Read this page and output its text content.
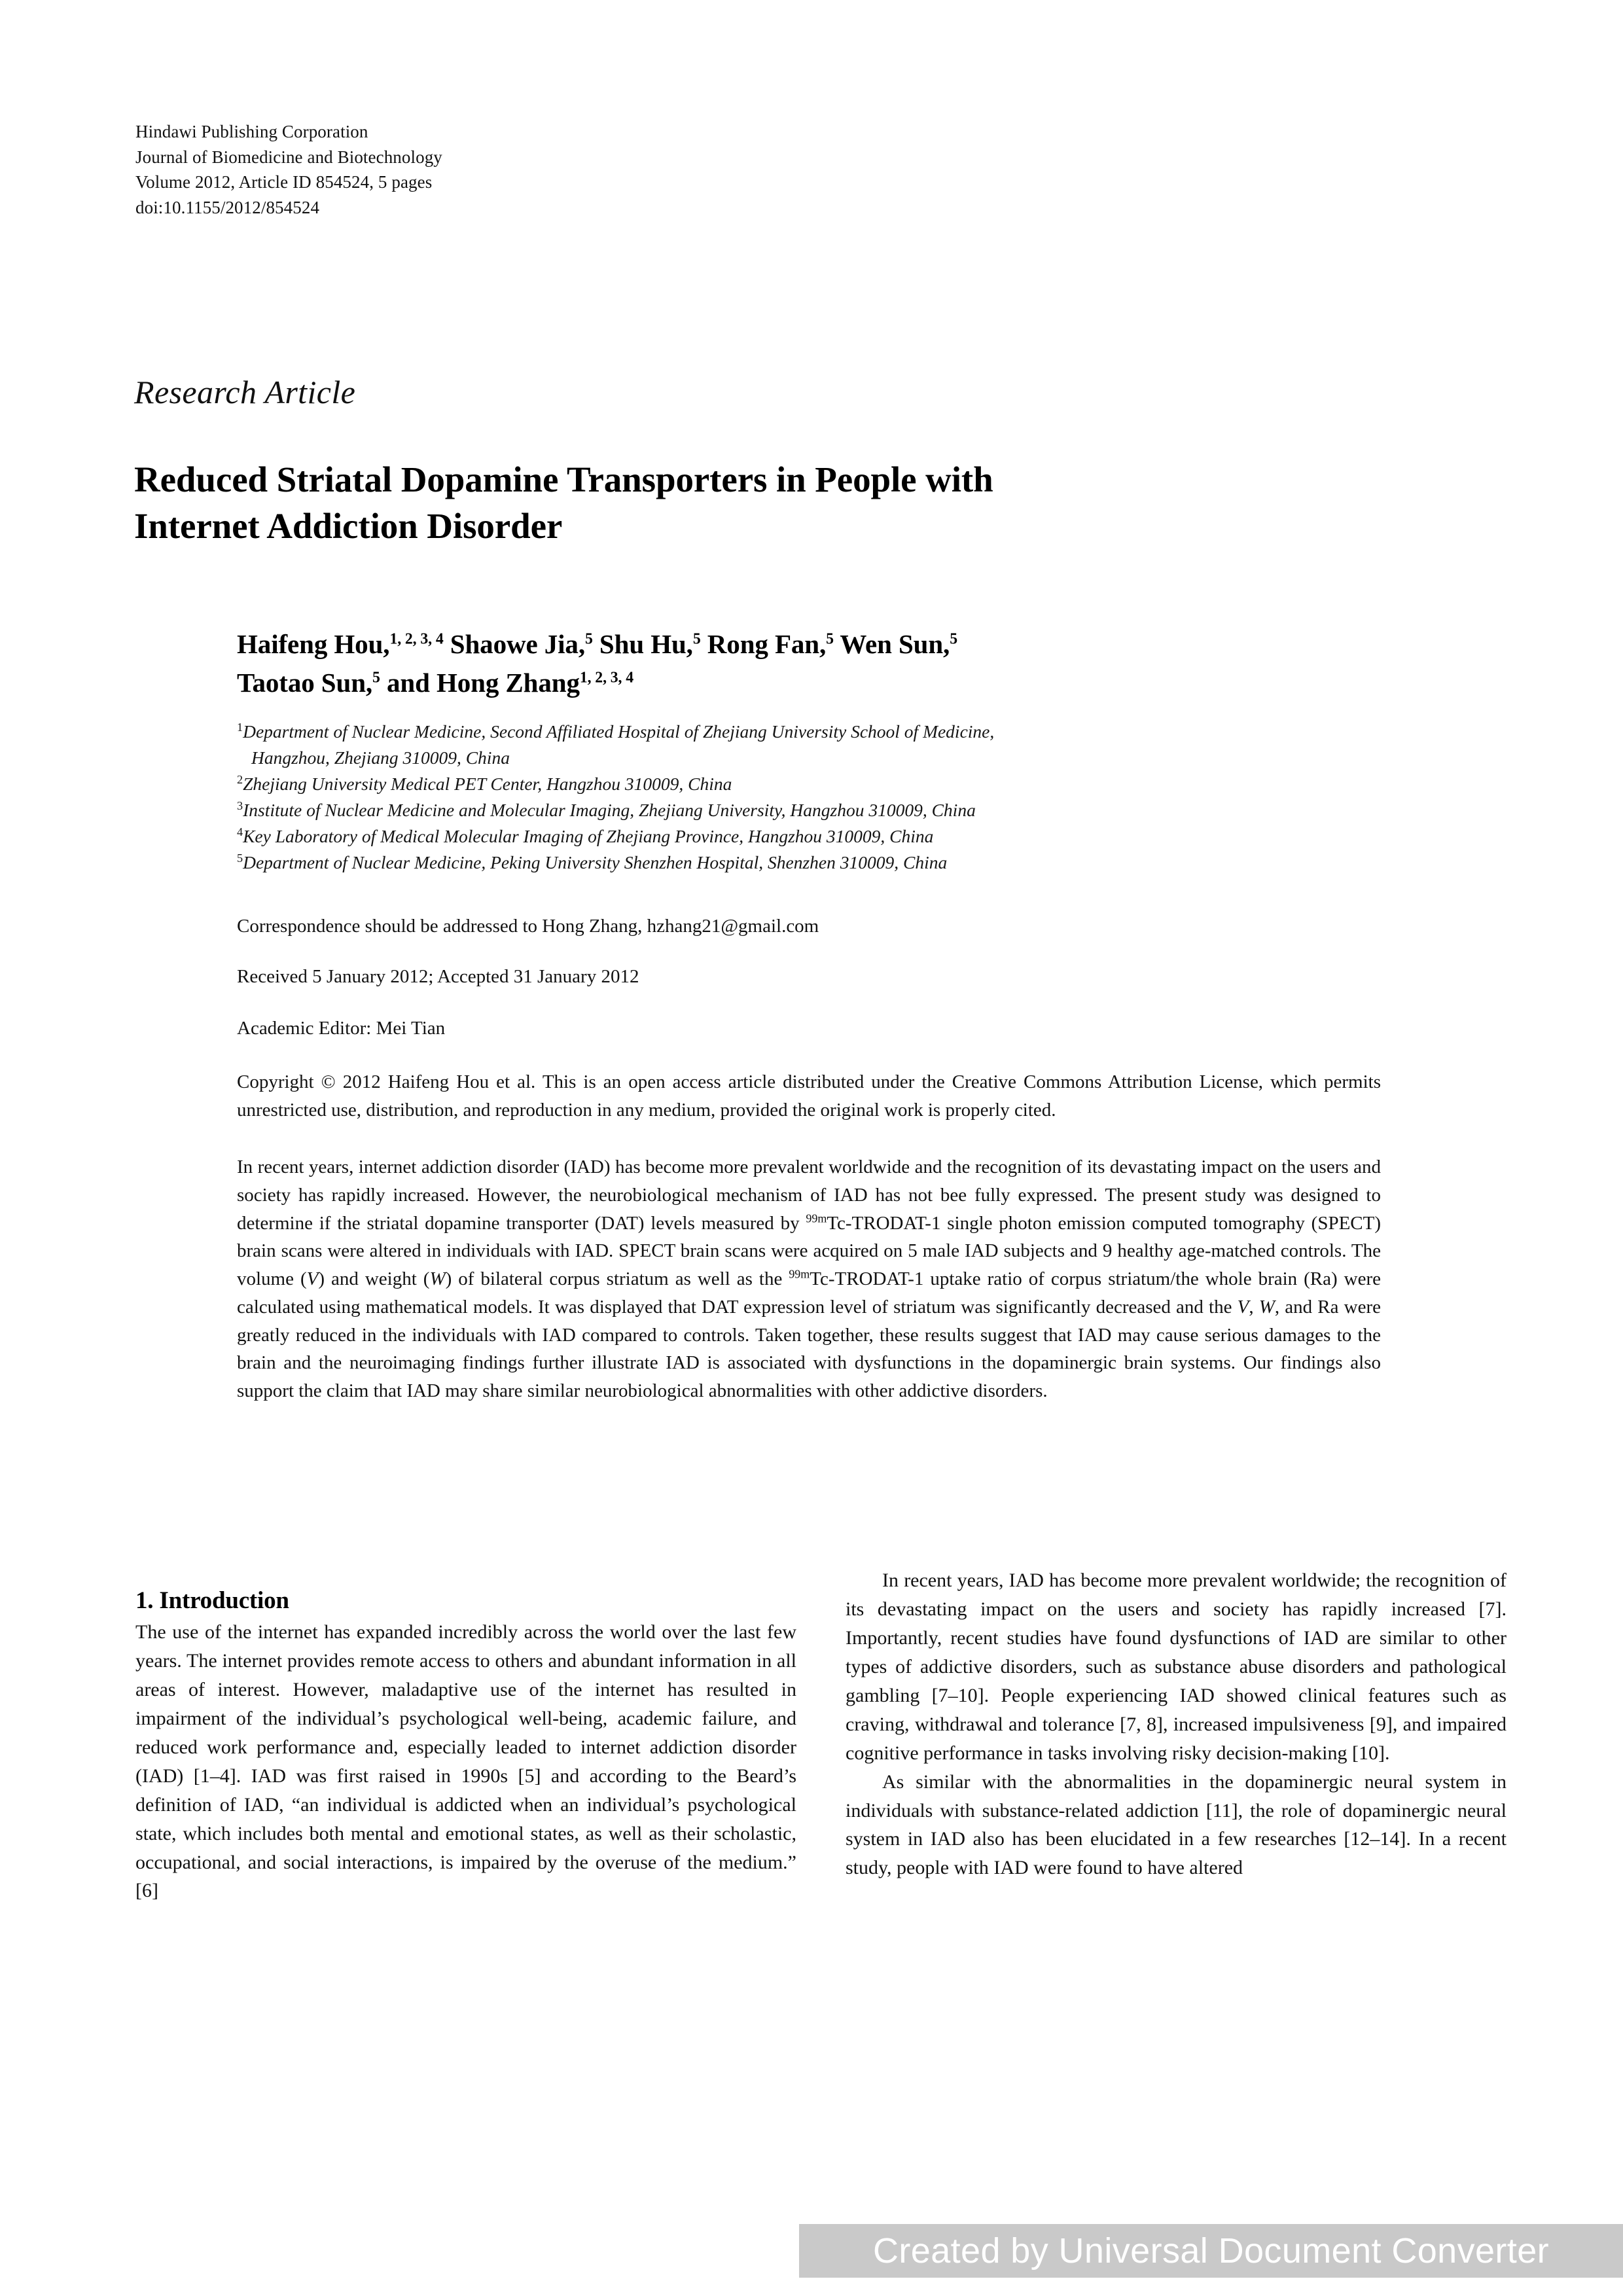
Hindawi Publishing Corporation
Journal of Biomedicine and Biotechnology
Volume 2012, Article ID 854524, 5 pages
doi:10.1155/2012/854524
Research Article
Reduced Striatal Dopamine Transporters in People with
Internet Addiction Disorder
Haifeng Hou,$^{1, 2, 3, 4}$ Shaowe Jia,$^5$ Shu Hu,$^5$ Rong Fan,$^5$ Wen Sun,$^5$
Taotao Sun,$^5$ and Hong Zhang$^{1, 2, 3, 4}$
$^1$Department of Nuclear Medicine, Second Affiliated Hospital of Zhejiang University School of Medicine,
Hangzhou, Zhejiang 310009, China
$^2$Zhejiang University Medical PET Center, Hangzhou 310009, China
$^3$Institute of Nuclear Medicine and Molecular Imaging, Zhejiang University, Hangzhou 310009, China
$^4$Key Laboratory of Medical Molecular Imaging of Zhejiang Province, Hangzhou 310009, China
$^5$Department of Nuclear Medicine, Peking University Shenzhen Hospital, Shenzhen 310009, China
Correspondence should be addressed to Hong Zhang, hzhang21@gmail.com
Received 5 January 2012; Accepted 31 January 2012
Academic Editor: Mei Tian
Copyright © 2012 Haifeng Hou et al. This is an open access article distributed under the Creative Commons Attribution License, which permits unrestricted use, distribution, and reproduction in any medium, provided the original work is properly cited.
In recent years, internet addiction disorder (IAD) has become more prevalent worldwide and the recognition of its devastating impact on the users and society has rapidly increased. However, the neurobiological mechanism of IAD has not bee fully expressed. The present study was designed to determine if the striatal dopamine transporter (DAT) levels measured by $^{99m}$Tc-TRODAT-1 single photon emission computed tomography (SPECT) brain scans were altered in individuals with IAD. SPECT brain scans were acquired on 5 male IAD subjects and 9 healthy age-matched controls. The volume (V) and weight (W) of bilateral corpus striatum as well as the $^{99m}$Tc-TRODAT-1 uptake ratio of corpus striatum/the whole brain (Ra) were calculated using mathematical models. It was displayed that DAT expression level of striatum was significantly decreased and the V, W, and Ra were greatly reduced in the individuals with IAD compared to controls. Taken together, these results suggest that IAD may cause serious damages to the brain and the neuroimaging findings further illustrate IAD is associated with dysfunctions in the dopaminergic brain systems. Our findings also support the claim that IAD may share similar neurobiological abnormalities with other addictive disorders.
1. Introduction

The use of the internet has expanded incredibly across the world over the last few years. The internet provides remote access to others and abundant information in all areas of interest. However, maladaptive use of the internet has resulted in impairment of the individual’s psychological well-being, academic failure, and reduced work performance and, especially leaded to internet addiction disorder (IAD) [1–4]. IAD was first raised in 1990s [5] and according to the Beard’s definition of IAD, “an individual is addicted when an individual’s psychological state, which includes both mental and emotional states, as well as their scholastic, occupational, and social interactions, is impaired by the overuse of the medium.” [6]

In recent years, IAD has become more prevalent worldwide; the recognition of its devastating impact on the users and society has rapidly increased [7]. Importantly, recent studies have found dysfunctions of IAD are similar to other types of addictive disorders, such as substance abuse disorders and pathological gambling [7–10]. People experiencing IAD showed clinical features such as craving, withdrawal and tolerance [7, 8], increased impulsiveness [9], and impaired cognitive performance in tasks involving risky decision-making [10].

As similar with the abnormalities in the dopaminergic neural system in individuals with substance-related addiction [11], the role of dopaminergic neural system in IAD also has been elucidated in a few researches [12–14]. In a recent study, people with IAD were found to have altered

Created by Universal Document Converter
